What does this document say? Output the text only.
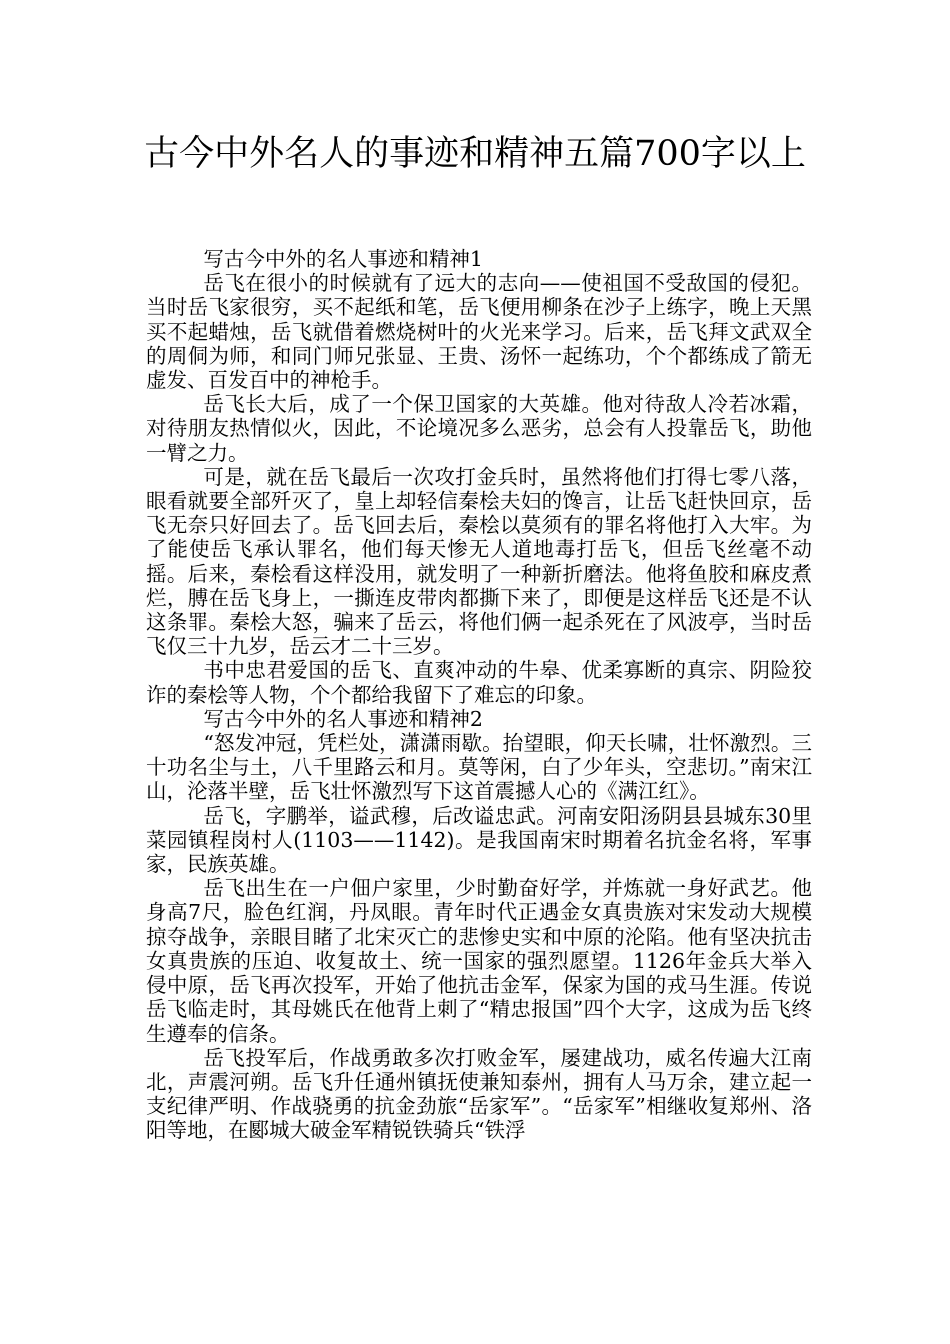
古今中外名人的事迹和精神五篇700字以上

写古今中外的名人事迹和精神1

岳飞在很小的时候就有了远大的志向——使祖国不受敌国的侵犯。当时岳飞家很穷，买不起纸和笔，岳飞便用柳条在沙子上练字，晚上天黑买不起蜡烛，岳飞就借着燃烧树叶的火光来学习。后来，岳飞拜文武双全的周侗为师，和同门师兄张显、王贵、汤怀一起练功，个个都练成了箭无虚发、百发百中的神枪手。

岳飞长大后，成了一个保卫国家的大英雄。他对待敌人冷若冰霜，对待朋友热情似火，因此，不论境况多么恶劣，总会有人投靠岳飞，助他一臂之力。

可是，就在岳飞最后一次攻打金兵时，虽然将他们打得七零八落，眼看就要全部歼灭了，皇上却轻信秦桧夫妇的馋言，让岳飞赶快回京，岳飞无奈只好回去了。岳飞回去后，秦桧以莫须有的罪名将他打入大牢。为了能使岳飞承认罪名，他们每天惨无人道地毒打岳飞，但岳飞丝毫不动摇。后来，秦桧看这样没用，就发明了一种新折磨法。他将鱼胶和麻皮煮烂，膊在岳飞身上，一撕连皮带肉都撕下来了，即便是这样岳飞还是不认这条罪。秦桧大怒，骗来了岳云，将他们俩一起杀死在了风波亭，当时岳飞仅三十九岁，岳云才二十三岁。

书中忠君爱国的岳飞、直爽冲动的牛皋、优柔寡断的真宗、阴险狡诈的秦桧等人物，个个都给我留下了难忘的印象。

写古今中外的名人事迹和精神2

“怒发冲冠，凭栏处，潇潇雨歇。抬望眼，仰天长啸，壮怀激烈。三十功名尘与土，八千里路云和月。莫等闲，白了少年头，空悲切。”南宋江山，沦落半壁，岳飞壮怀激烈写下这首震撼人心的《满江红》。

岳飞，字鹏举，谥武穆，后改谥忠武。河南安阳汤阴县县城东30里菜园镇程岗村人(1103——1142)。是我国南宋时期着名抗金名将，军事家，民族英雄。

岳飞出生在一户佃户家里，少时勤奋好学，并炼就一身好武艺。他身高7尺，脸色红润，丹凤眼。青年时代正遇金女真贵族对宋发动大规模掠夺战争，亲眼目睹了北宋灭亡的悲惨史实和中原的沦陷。他有坚决抗击女真贵族的压迫、收复故土、统一国家的强烈愿望。1126年金兵大举入侵中原，岳飞再次投军，开始了他抗击金军，保家为国的戎马生涯。传说岳飞临走时，其母姚氏在他背上刺了“精忠报国”四个大字，这成为岳飞终生遵奉的信条。

岳飞投军后，作战勇敢多次打败金军，屡建战功，威名传遍大江南北，声震河朔。岳飞升任通州镇抚使兼知泰州，拥有人马万余，建立起一支纪律严明、作战骁勇的抗金劲旅“岳家军”。“岳家军”相继收复郑州、洛阳等地，在郾城大破金军精锐铁骑兵“铁浮
